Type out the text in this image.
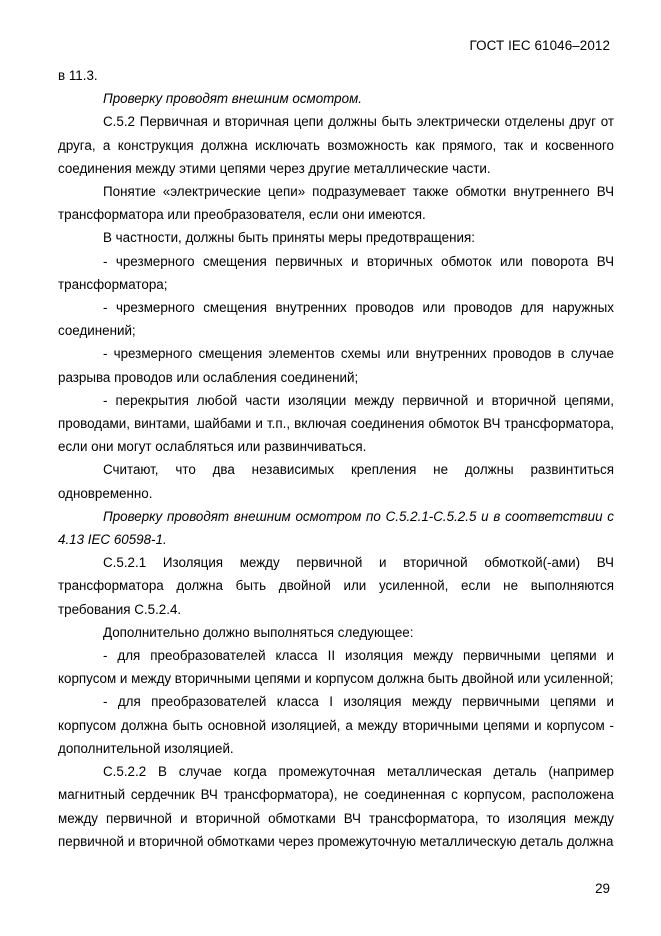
ГОСТ IEC 61046–2012

в 11.3.

Проверку проводят внешним осмотром.

С.5.2 Первичная и вторичная цепи должны быть электрически отделены друг от друга, а конструкция должна исключать возможность как прямого, так и косвенного соединения между этими цепями через другие металлические части.

Понятие «электрические цепи» подразумевает также обмотки внутреннего ВЧ трансформатора или преобразователя, если они имеются.

В частности, должны быть приняты меры предотвращения:

- чрезмерного смещения первичных и вторичных обмоток или поворота ВЧ трансформатора;

- чрезмерного смещения внутренних проводов или проводов для наружных соединений;

- чрезмерного смещения элементов схемы или внутренних проводов в случае разрыва проводов или ослабления соединений;

- перекрытия любой части изоляции между первичной и вторичной цепями, проводами, винтами, шайбами и т.п., включая соединения обмоток ВЧ трансформатора, если они могут ослабляться или развинчиваться.

Считают, что два независимых крепления не должны развинтиться одновременно.

Проверку проводят внешним осмотром по С.5.2.1-С.5.2.5 и в соответствии с 4.13 IEC 60598-1.

С.5.2.1 Изоляция между первичной и вторичной обмоткой(-ами) ВЧ трансформатора должна быть двойной или усиленной, если не выполняются требования С.5.2.4.

Дополнительно должно выполняться следующее:

- для преобразователей класса II изоляция между первичными цепями и корпусом и между вторичными цепями и корпусом должна быть двойной или усиленной;

- для преобразователей класса I изоляция между первичными цепями и корпусом должна быть основной изоляцией, а между вторичными цепями и корпусом - дополнительной изоляцией.

С.5.2.2 В случае когда промежуточная металлическая деталь (например магнитный сердечник ВЧ трансформатора), не соединенная с корпусом, расположена между первичной и вторичной обмотками ВЧ трансформатора, то изоляция между первичной и вторичной обмотками через промежуточную металлическую деталь должна

29
